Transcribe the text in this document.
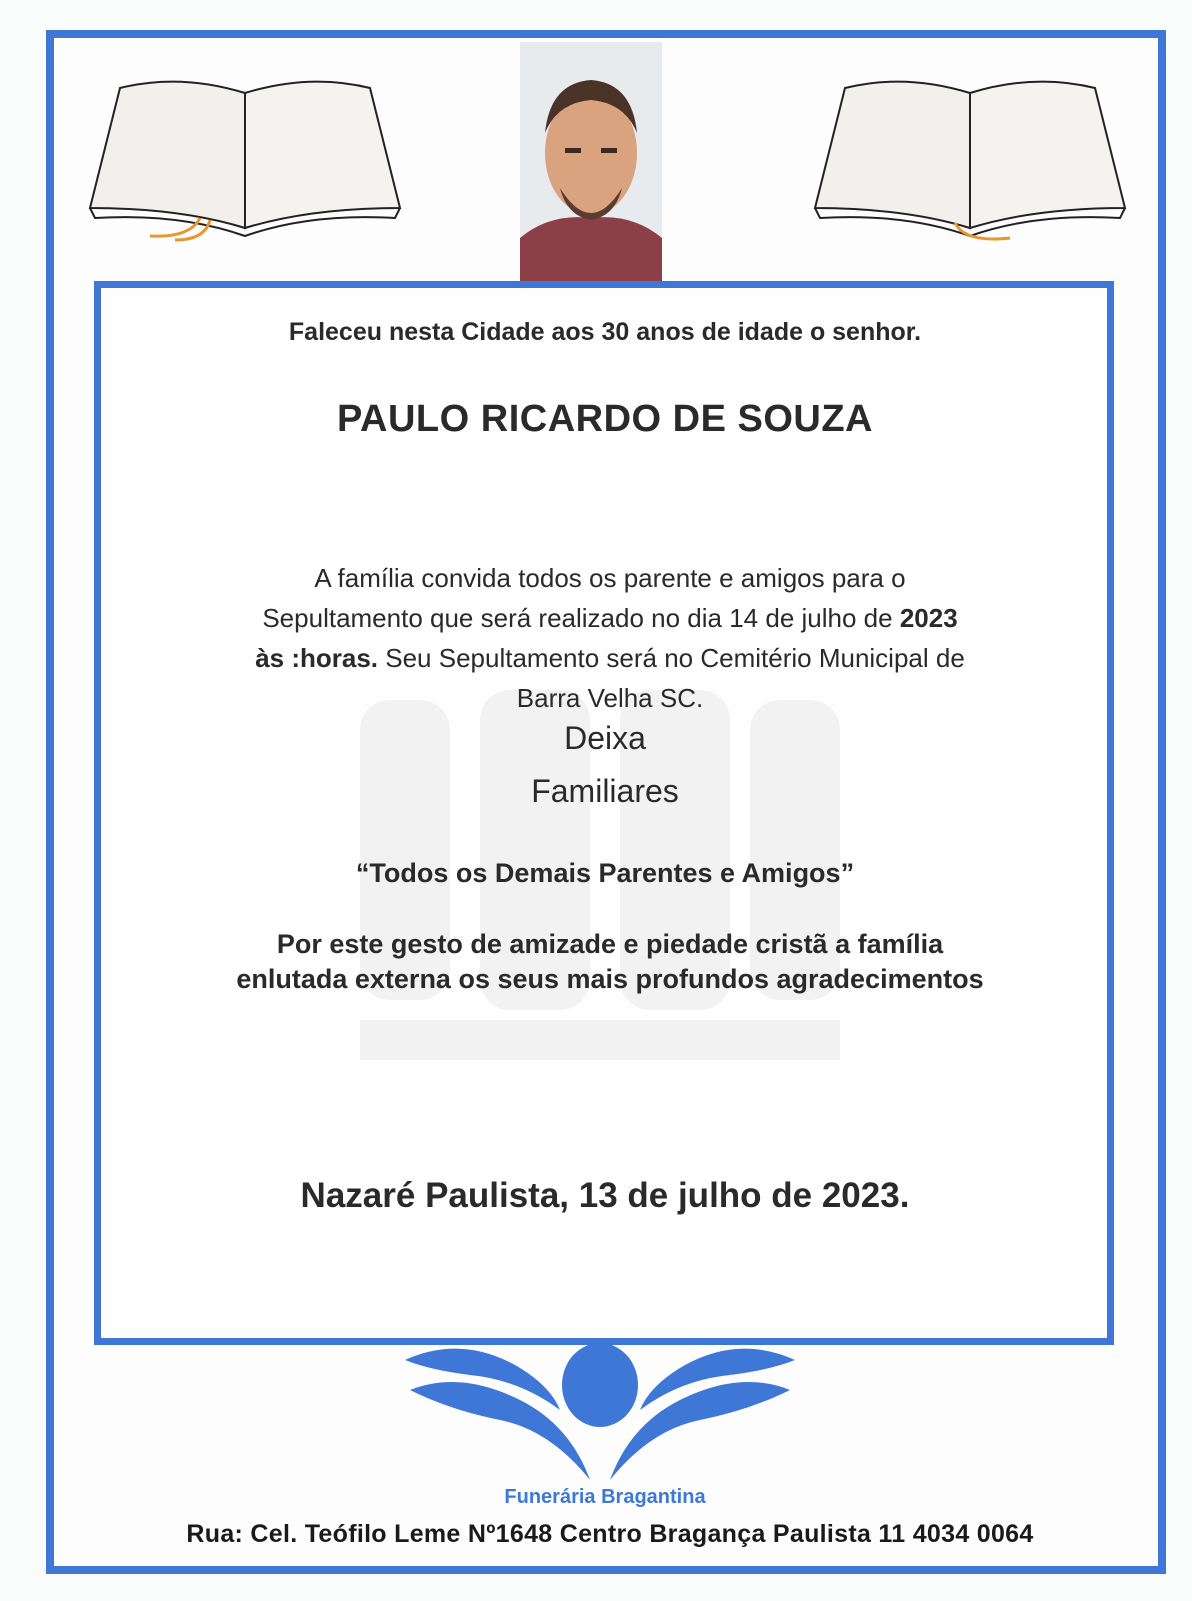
Faleceu nesta Cidade aos 30 anos de idade o senhor.
PAULO RICARDO DE SOUZA
A família convida todos os parente e amigos para o
Sepultamento que será realizado no dia 14 de julho de 2023
às :horas. Seu Sepultamento será no Cemitério Municipal de
Barra Velha SC.
Deixa
Familiares
“Todos os Demais Parentes e Amigos”
Por este gesto de amizade e piedade cristã a família
enlutada externa os seus mais profundos agradecimentos
Nazaré Paulista, 13 de julho de 2023.
Funerária Bragantina
Rua: Cel. Teófilo Leme Nº1648 Centro Bragança Paulista 11 4034 0064
